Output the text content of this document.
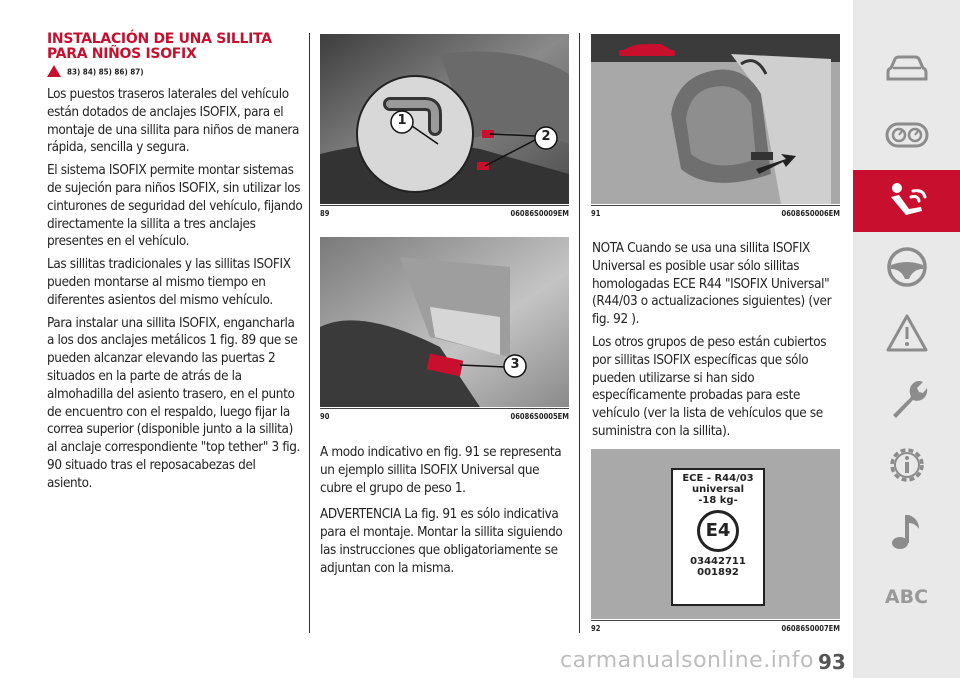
INSTALACIÓN DE UNA SILLITA PARA NIÑOS ISOFIX
83) 84) 85) 86) 87)

Los puestos traseros laterales del vehículo están dotados de anclajes ISOFIX, para el montaje de una sillita para niños de manera rápida, sencilla y segura.

El sistema ISOFIX permite montar sistemas de sujeción para niños ISOFIX, sin utilizar los cinturones de seguridad del vehículo, fijando directamente la sillita a tres anclajes presentes en el vehículo.

Las sillitas tradicionales y las sillitas ISOFIX pueden montarse al mismo tiempo en diferentes asientos del mismo vehículo.

Para instalar una sillita ISOFIX, engancharla a los dos anclajes metálicos 1 fig. 89 que se pueden alcanzar elevando las puertas 2 situados en la parte de atrás de la almohadilla del asiento trasero, en el punto de encuentro con el respaldo, luego fijar la correa superior (disponible junto a la sillita) al anclaje correspondiente "top tether" 3 fig. 90 situado tras el reposacabezas del asiento.

1
2
89	06086S0009EM
3
90	06086S0005EM

A modo indicativo en fig. 91 se representa un ejemplo sillita ISOFIX Universal que cubre el grupo de peso 1.

ADVERTENCIA La fig. 91 es sólo indicativa para el montaje. Montar la sillita siguiendo las instrucciones que obligatoriamente se adjuntan con la misma.

91	06086S0006EM

NOTA Cuando se usa una sillita ISOFIX Universal es posible usar sólo sillitas homologadas ECE R44 "ISOFIX Universal" (R44/03 o actualizaciones siguientes) (ver fig. 92 ).

Los otros grupos de peso están cubiertos por sillitas ISOFIX específicas que sólo pueden utilizarse si han sido específicamente probadas para este vehículo (ver la lista de vehículos que se suministra con la sillita).

ECE - R44/03
universal
-18 kg-
E4
03442711
001892
92	06086S0007EM
ABC
carmanualsonline.info 93
